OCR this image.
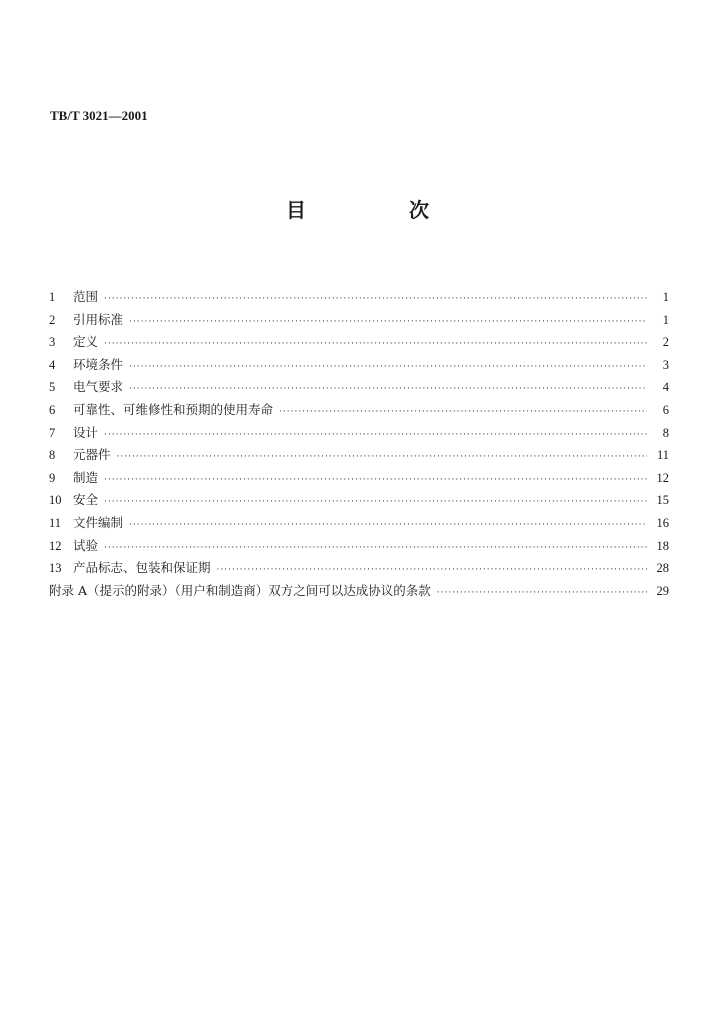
TB/T 3021—2001
目 次
1	范围 ·····	1
2	引用标准 ·····	1
3	定义 ·····	2
4	环境条件 ·····	3
5	电气要求 ·····	4
6	可靠性、可维修性和预期的使用寿命 ·····	6
7	设计 ·····	8
8	元器件 ·····	11
9	制造 ·····	12
10 安全 ·····	15
11 文件编制 ·····	16
12 试验 ·····	18
13 产品标志、包装和保证期 ·····	28
附录 A（提示的附录）（用户和制造商）双方之间可以达成协议的条款 ·····	29
